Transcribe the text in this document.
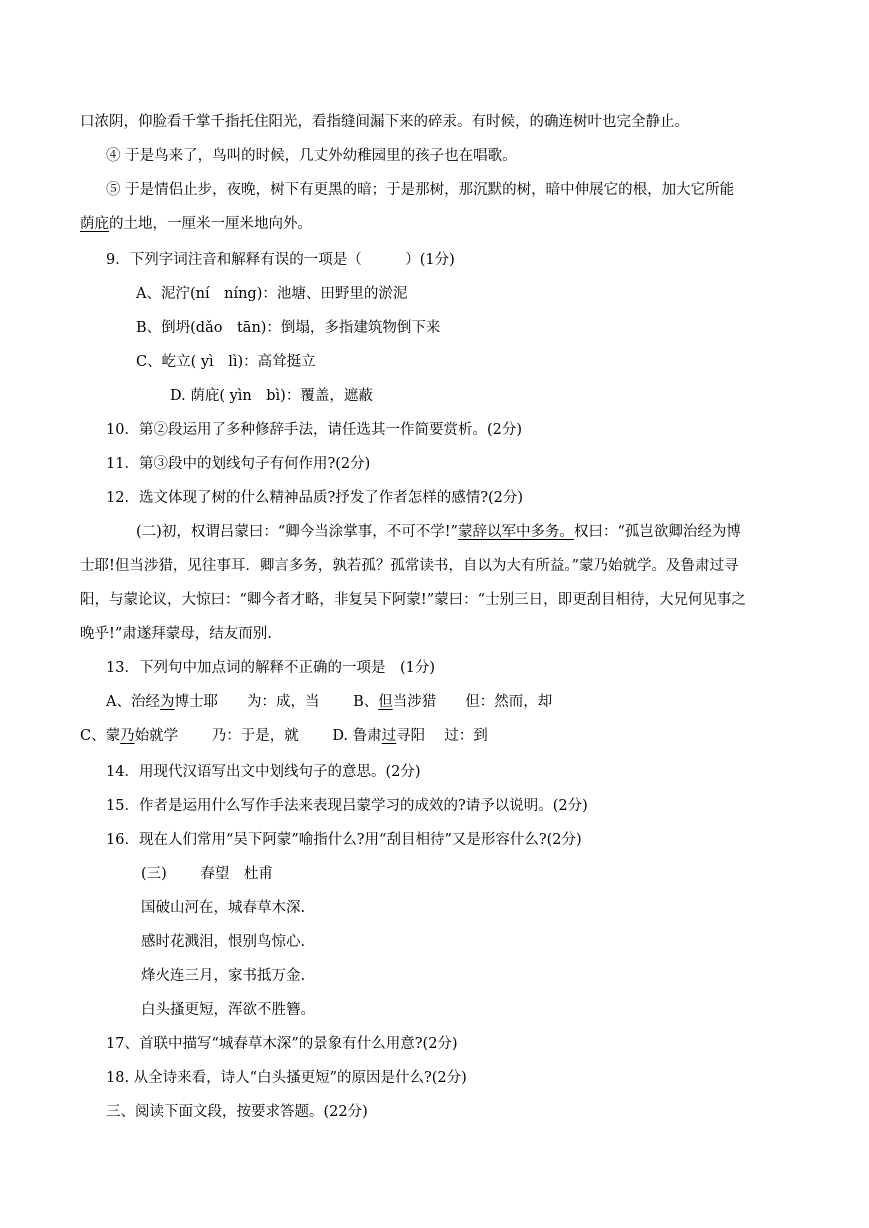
口浓阴，仰脸看千掌千指托住阳光，看指缝间漏下来的碎汞。有时候，的确连树叶也完全静止。
④ 于是鸟来了，鸟叫的时候，几丈外幼稚园里的孩子也在唱歌。
⑤ 于是情侣止步，夜晚，树下有更黑的暗；于是那树，那沉默的树，暗中伸展它的根，加大它所能
荫庇的土地，一厘米一厘米地向外。
9．下列字词注音和解释有误的一项是（　　　）(1分)
A、泥泞(ní　níng)：池塘、田野里的淤泥
B、倒坍(dǎo　tān)：倒塌，多指建筑物倒下来
C、屹立( yì　lì)：高耸挺立
D. 荫庇( yìn　bì)：覆盖，遮蔽
10．第②段运用了多种修辞手法，请任选其一作简要赏析。(2分)
11．第③段中的划线句子有何作用?(2分)
12．选文体现了树的什么精神品质?抒发了作者怎样的感情?(2分)
(二)初，权谓吕蒙曰：“卿今当涂掌事，不可不学!”蒙辞以军中多务。权曰：“孤岂欲卿治经为博
士耶!但当涉猎，见往事耳．卿言多务，孰若孤？孤常读书，自以为大有所益。”蒙乃始就学。及鲁肃过寻
阳，与蒙论议，大惊曰：“卿今者才略，非复吴下阿蒙!”蒙曰：“士别三日，即更刮目相待，大兄何见事之
晚乎!”肃遂拜蒙母，结友而别.
13．下列句中加点词的解释不正确的一项是　(1分)
A、治经为博士耶　　为：成，当　　 B、但当涉猎　　但：然而，却
C、蒙乃始就学　　 乃：于是，就　　 D. 鲁肃过寻阳　 过：到
14．用现代汉语写出文中划线句子的意思。(2分)
15．作者是运用什么写作手法来表现吕蒙学习的成效的?请予以说明。(2分)
16．现在人们常用“吴下阿蒙”喻指什么?用“刮目相待”又是形容什么?(2分)
(三)　　 春望　杜甫
国破山河在，城春草木深.
感时花溅泪，恨别鸟惊心.
烽火连三月，家书抵万金.
白头搔更短，浑欲不胜簪。
17、首联中描写“城春草木深”的景象有什么用意?(2分)
18. 从全诗来看，诗人“白头搔更短”的原因是什么?(2分)
三、阅读下面文段，按要求答题。(22分)
